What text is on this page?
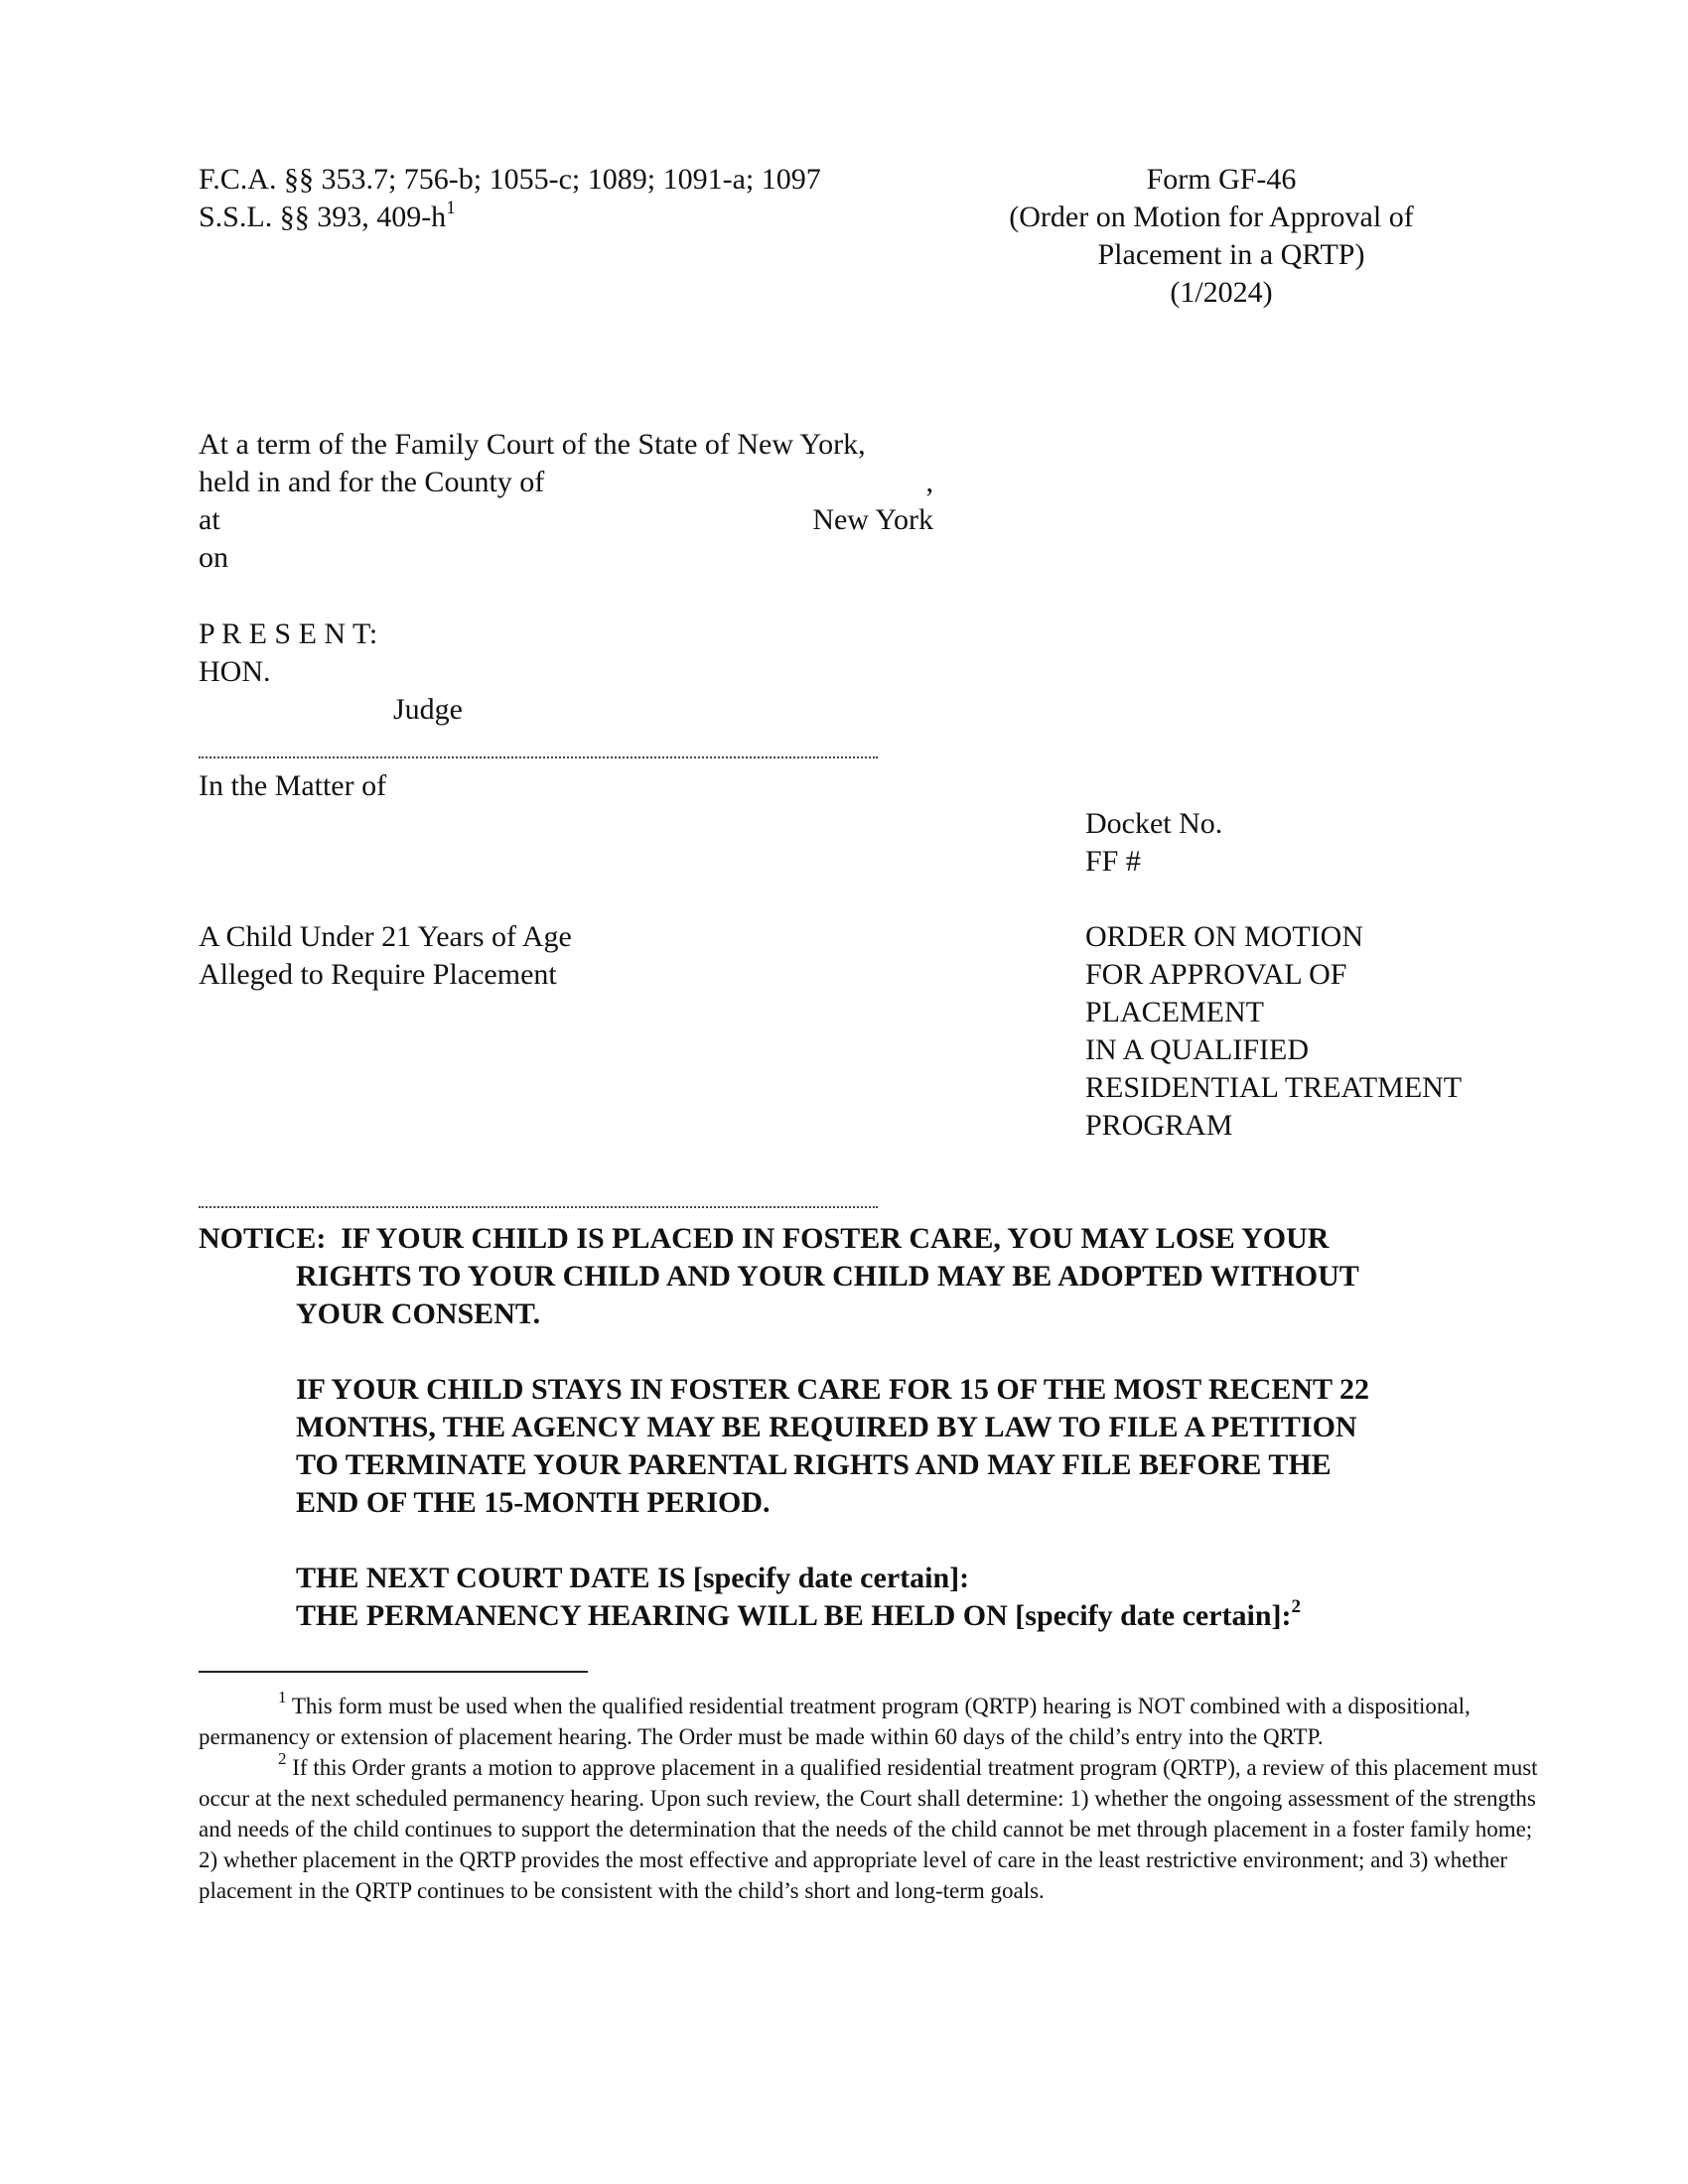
F.C.A. §§ 353.7; 756-b; 1055-c; 1089; 1091-a; 1097
S.S.L. §§ 393, $409-h^1$
Form GF-46
(Order on Motion for Approval of
Placement in a QRTP)
(1/2024)
At a term of the Family Court of the State of New York,
held in and for the County of	,
at	New York
on
P R E S E N T:
HON.
Judge
In the Matter of
Docket No.
FF #
A Child Under 21 Years of Age
Alleged to Require Placement
ORDER ON MOTION
FOR APPROVAL OF
PLACEMENT
IN A QUALIFIED
RESIDENTIAL TREATMENT
PROGRAM
NOTICE: IF YOUR CHILD IS PLACED IN FOSTER CARE, YOU MAY LOSE YOUR
RIGHTS TO YOUR CHILD AND YOUR CHILD MAY BE ADOPTED WITHOUT
YOUR CONSENT.
IF YOUR CHILD STAYS IN FOSTER CARE FOR 15 OF THE MOST RECENT 22
MONTHS, THE AGENCY MAY BE REQUIRED BY LAW TO FILE A PETITION
TO TERMINATE YOUR PARENTAL RIGHTS AND MAY FILE BEFORE THE
END OF THE 15-MONTH PERIOD.
THE NEXT COURT DATE IS [specify date certain]:
THE PERMANENCY HEARING WILL BE HELD ON [specify date certain]:$^2$

$^1$ This form must be used when the qualified residential treatment program (QRTP) hearing is NOT combined with a dispositional, permanency or extension of placement hearing. The Order must be made within 60 days of the child’s entry into the QRTP.

$^2$ If this Order grants a motion to approve placement in a qualified residential treatment program (QRTP), a review of this placement must occur at the next scheduled permanency hearing. Upon such review, the Court shall determine: 1) whether the ongoing assessment of the strengths and needs of the child continues to support the determination that the needs of the child cannot be met through placement in a foster family home; 2) whether placement in the QRTP provides the most effective and appropriate level of care in the least restrictive environment; and 3) whether placement in the QRTP continues to be consistent with the child’s short and long-term goals.
